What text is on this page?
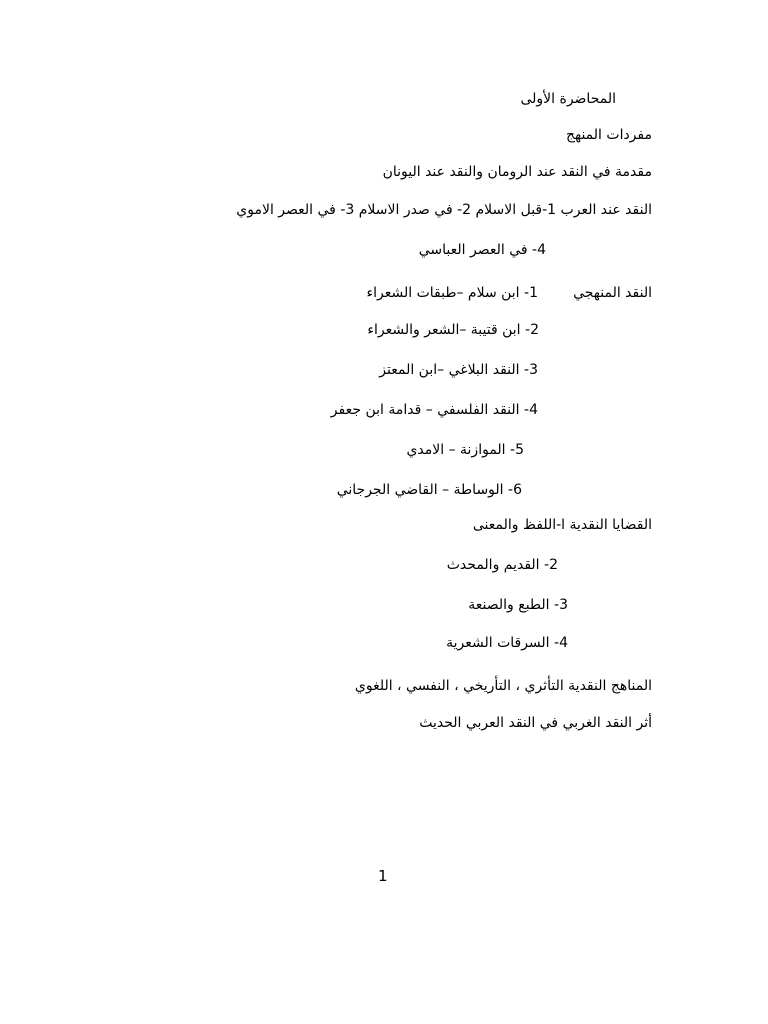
المحاضرة الأولى
مفردات المنهج
مقدمة في النقد عند الرومان والنقد عند اليونان
النقد عند العرب 1-قبل الاسلام 2- في صدر الاسلام 3- في العصر الاموي
4- في العصر العباسي
النقد المنهجي
1- ابن سلام –طبقات الشعراء
2- ابن قتيبة –الشعر والشعراء
3- النقد البلاغي –ابن المعتز
4- النقد الفلسفي – قدامة ابن جعفر
5- الموازنة – الامدي
6- الوساطة – القاضي الجرجاني
القضايا النقدية ا-اللفظ والمعنى
2- القديم والمحدث
3- الطبع والصنعة
4- السرقات الشعرية
المناهج النقدية التأثري ، التأريخي ، النفسي ، اللغوي
أثر النقد الغربي في النقد العربي الحديث
1
